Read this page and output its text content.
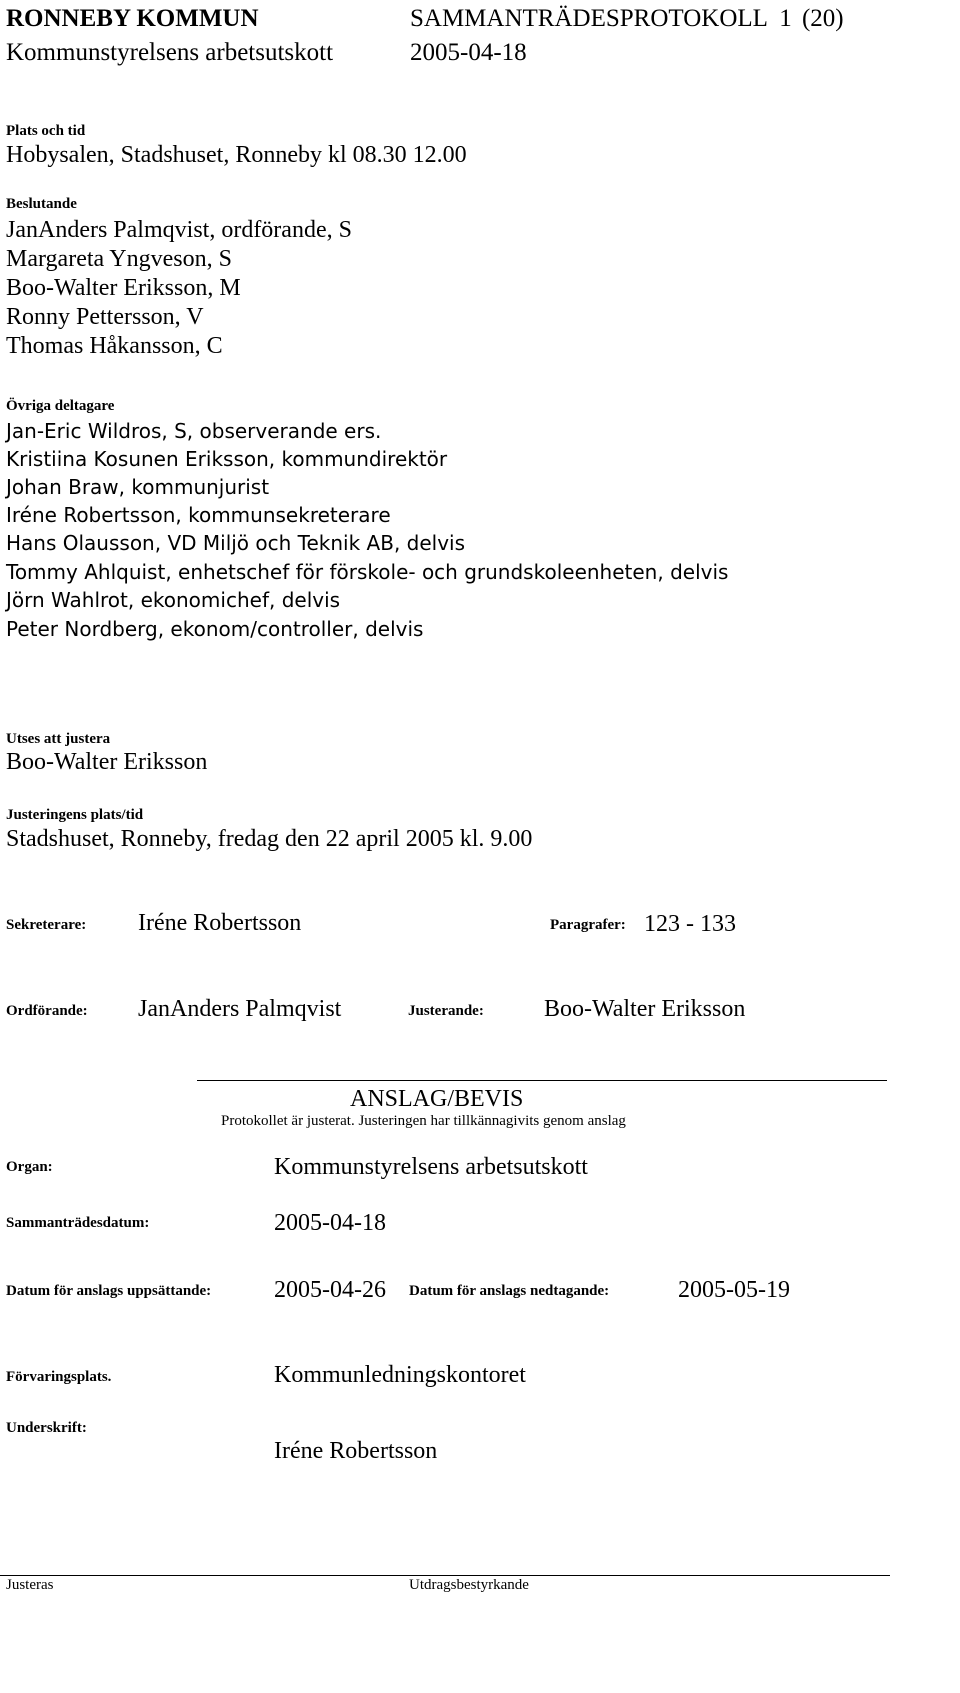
RONNEBY KOMMUN	SAMMANTRÄDESPROTOKOLL 1 (20)
Kommunstyrelsens arbetsutskott	2005-04-18
Plats och tid
Hobysalen, Stadshuset, Ronneby kl 08.30 12.00
Beslutande
JanAnders Palmqvist, ordförande, S
Margareta Yngveson, S
Boo-Walter Eriksson, M
Ronny Pettersson, V
Thomas Håkansson, C
Övriga deltagare
Jan-Eric Wildros, S, observerande ers.
Kristiina Kosunen Eriksson, kommundirektör
Johan Braw, kommunjurist
Iréne Robertsson, kommunsekreterare
Hans Olausson, VD Miljö och Teknik AB, delvis
Tommy Ahlquist, enhetschef för förskole- och grundskoleenheten, delvis
Jörn Wahlrot, ekonomichef, delvis
Peter Nordberg, ekonom/controller, delvis
Utses att justera
Boo-Walter Eriksson
Justeringens plats/tid
Stadshuset, Ronneby, fredag den 22 april 2005 kl. 9.00
Sekreterare: Iréne Robertsson	Paragrafer: 123 - 133
Ordförande: JanAnders Palmqvist	Justerande:	Boo-Walter Eriksson
ANSLAG/BEVIS
Protokollet är justerat. Justeringen har tillkännagivits genom anslag
Organ:	Kommunstyrelsens arbetsutskott
Sammanträdesdatum:	2005-04-18
Datum för anslags uppsättande:	2005-04-26 Datum för anslags nedtagande:	2005-05-19
Förvaringsplats.	Kommunledningskontoret
Underskrift:
Iréne Robertsson
Justeras	Utdragsbestyrkande
